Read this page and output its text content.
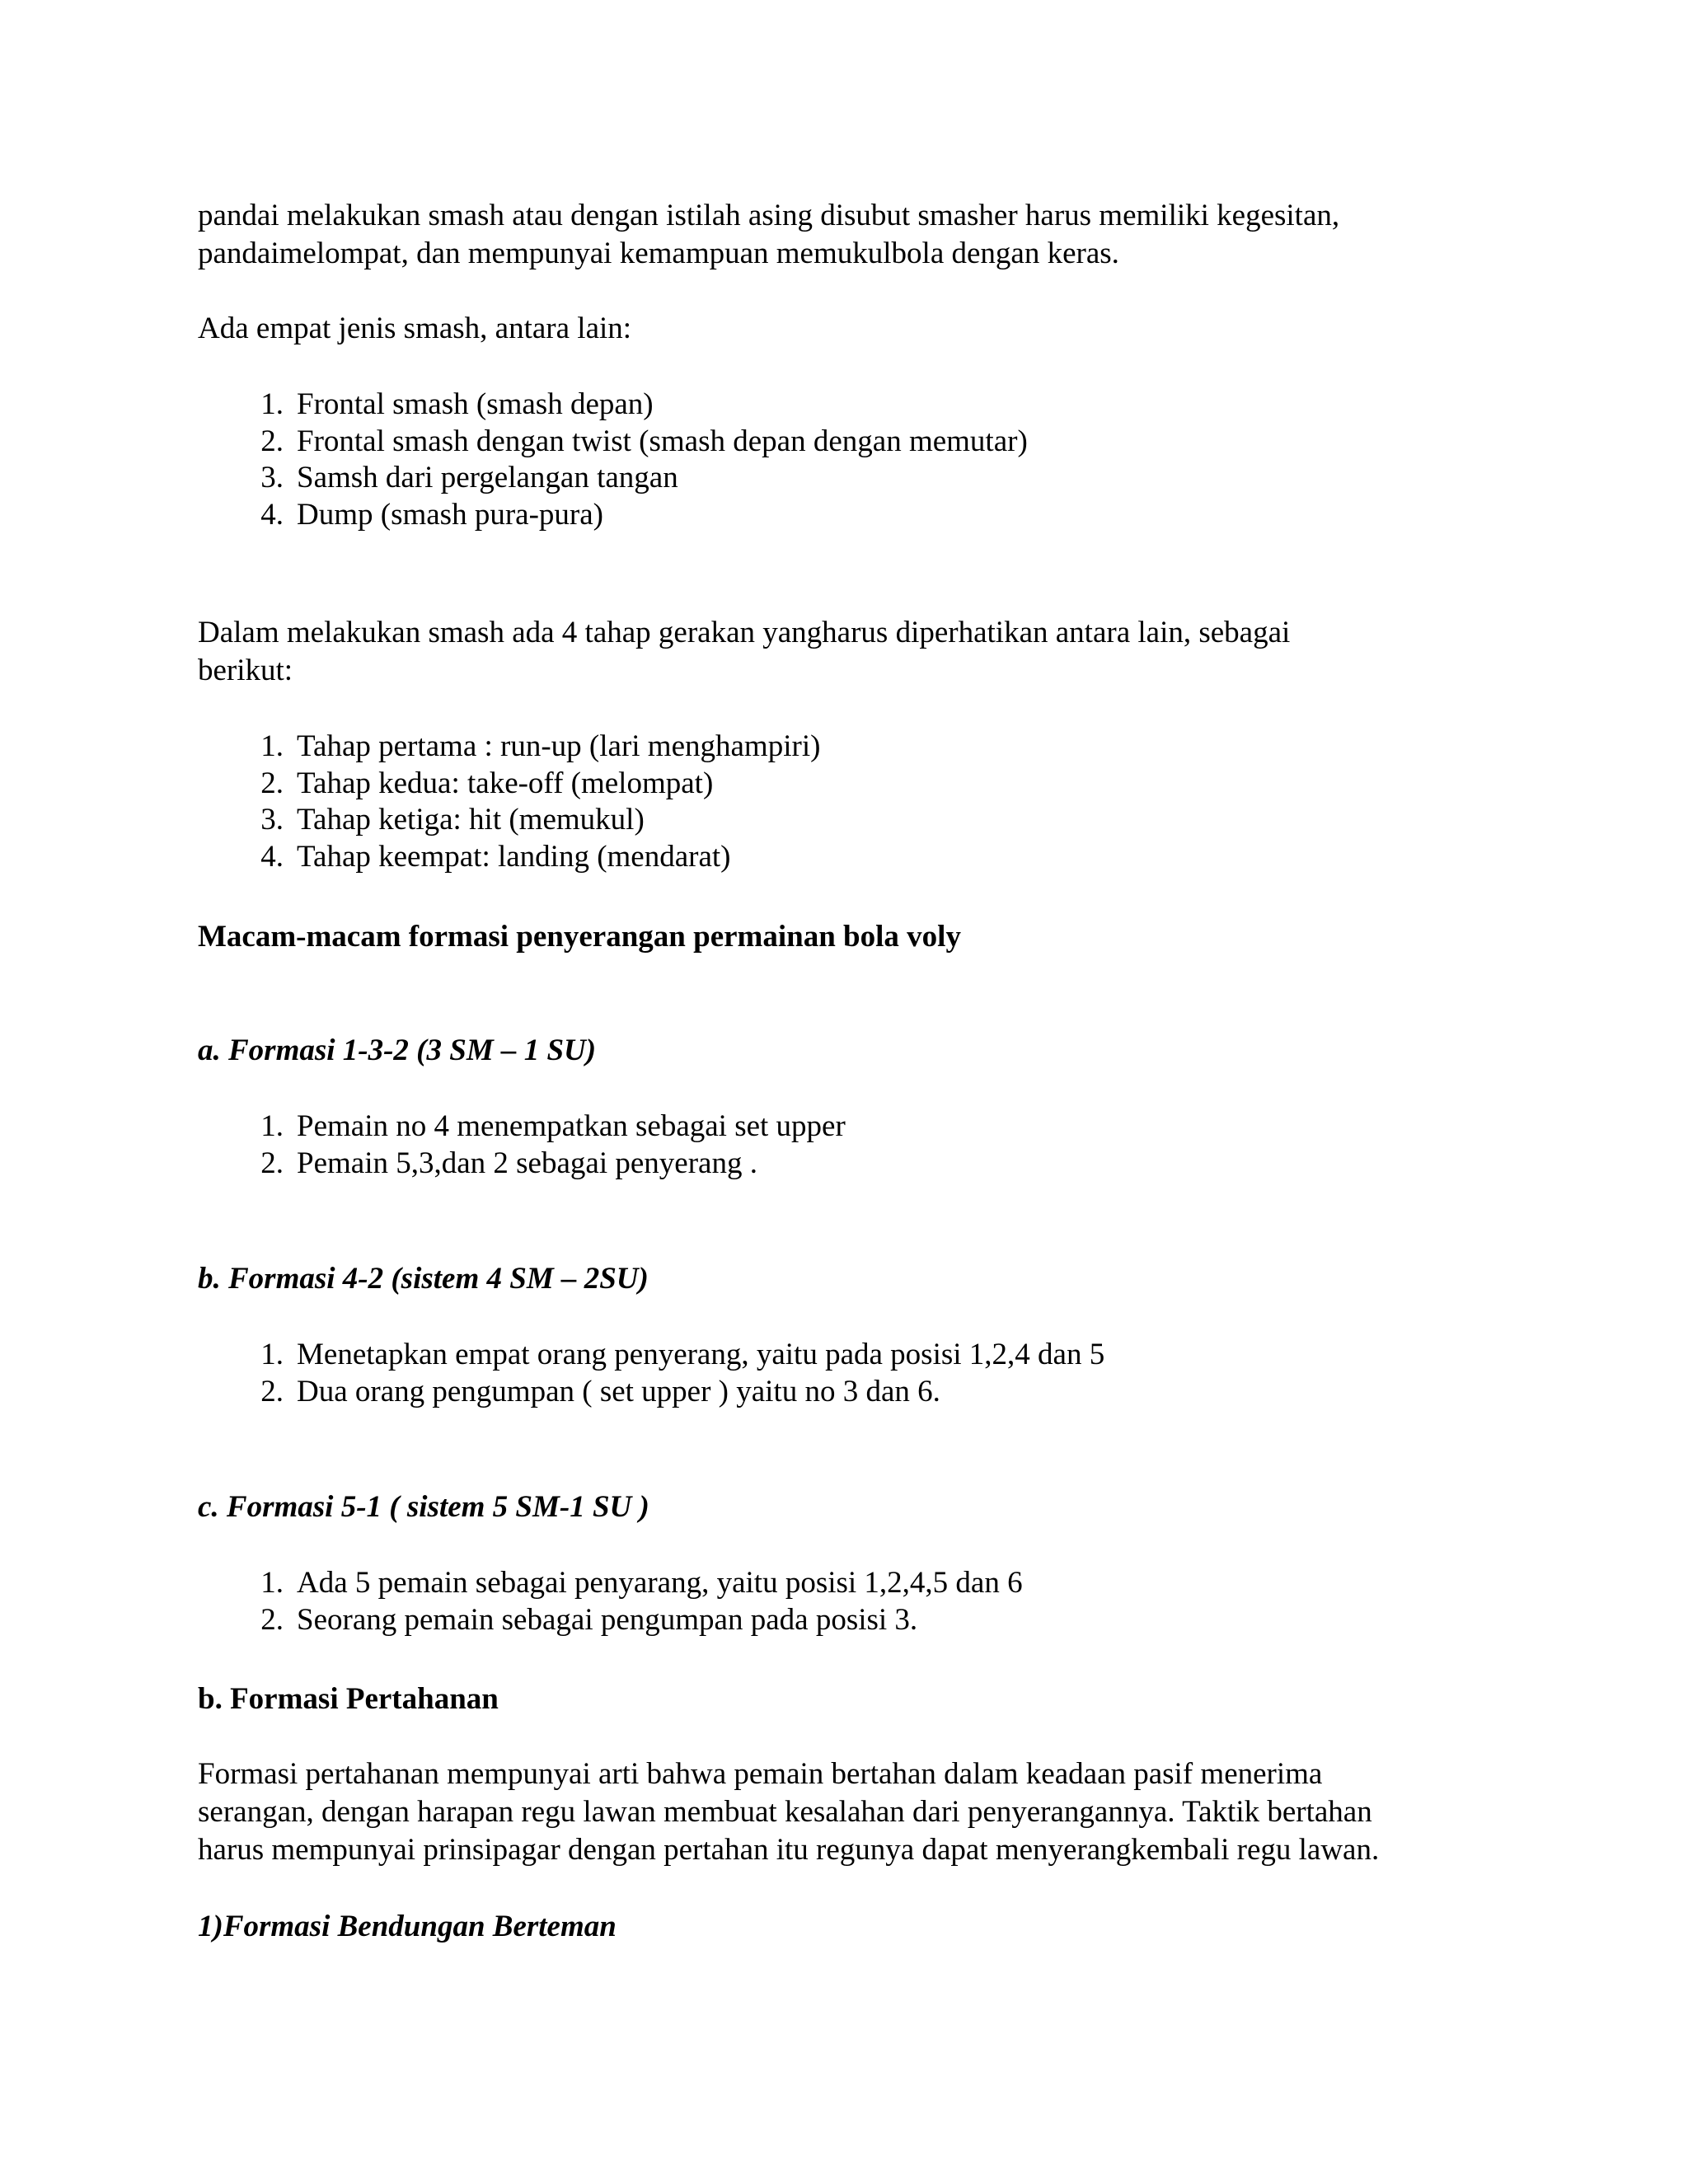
pandai melakukan smash atau dengan istilah asing disubut smasher harus memiliki kegesitan,
pandaimelompat, dan mempunyai kemampuan memukulbola dengan keras.
Ada empat jenis smash, antara lain:
1. Frontal smash (smash depan)
2. Frontal smash dengan twist (smash depan dengan memutar)
3. Samsh dari pergelangan tangan
4. Dump (smash pura-pura)
Dalam melakukan smash ada 4 tahap gerakan yangharus diperhatikan antara lain, sebagai
berikut:
1. Tahap pertama : run-up (lari menghampiri)
2. Tahap kedua: take-off (melompat)
3. Tahap ketiga: hit (memukul)
4. Tahap keempat: landing (mendarat)
Macam-macam formasi penyerangan permainan bola voly
a. Formasi 1-3-2 (3 SM – 1 SU)
1. Pemain no 4 menempatkan sebagai set upper
2. Pemain 5,3,dan 2 sebagai penyerang .
b. Formasi 4-2 (sistem 4 SM – 2SU)
1. Menetapkan empat orang penyerang, yaitu pada posisi 1,2,4 dan 5
2. Dua orang pengumpan ( set upper ) yaitu no 3 dan 6.
c. Formasi 5-1 ( sistem 5 SM-1 SU )
1. Ada 5 pemain sebagai penyarang, yaitu posisi 1,2,4,5 dan 6
2. Seorang pemain sebagai pengumpan pada posisi 3.
b. Formasi Pertahanan
Formasi pertahanan mempunyai arti bahwa pemain bertahan dalam keadaan pasif menerima
serangan, dengan harapan regu lawan membuat kesalahan dari penyerangannya. Taktik bertahan
harus mempunyai prinsipagar dengan pertahan itu regunya dapat menyerangkembali regu lawan.
1)Formasi Bendungan Berteman
